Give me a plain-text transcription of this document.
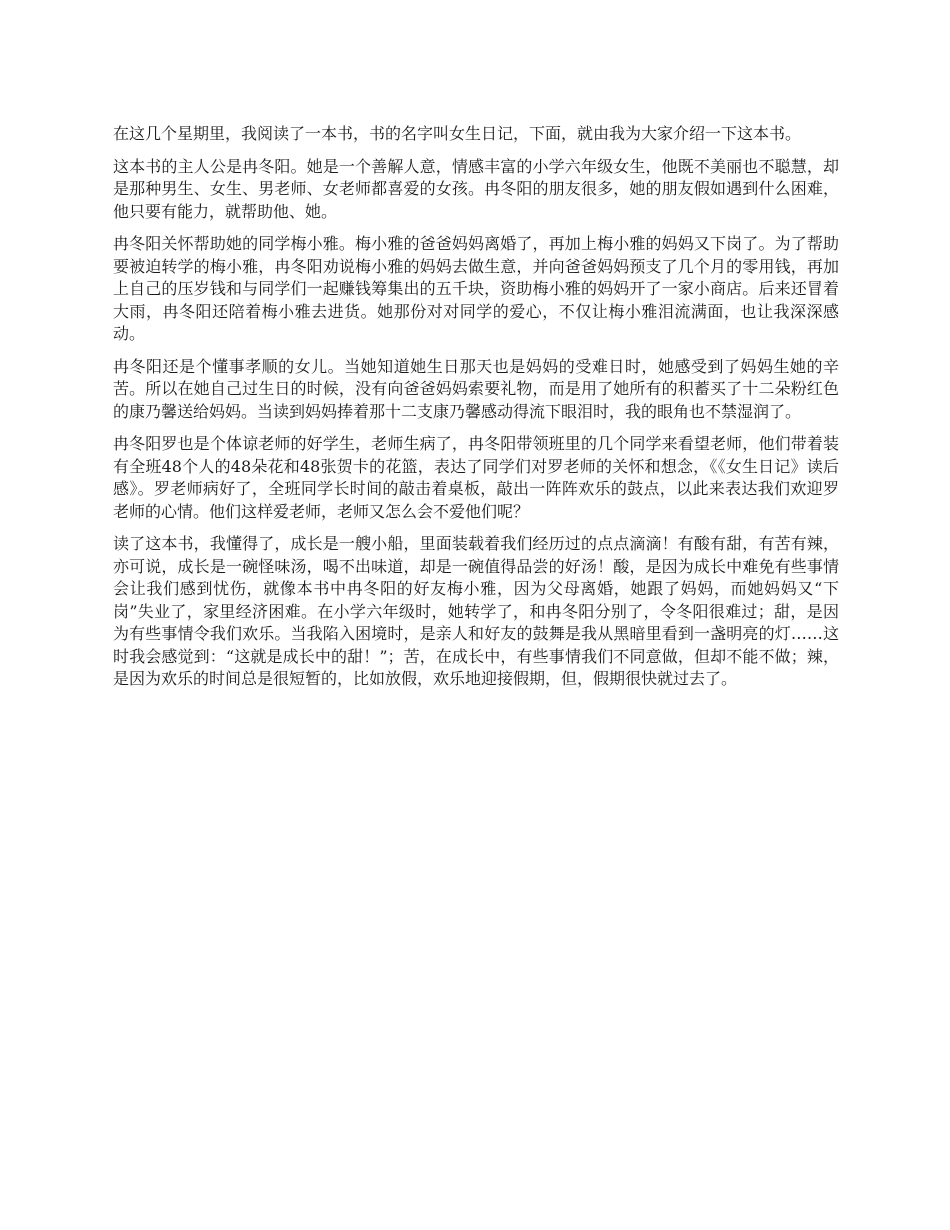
在这几个星期里，我阅读了一本书，书的名字叫女生日记，下面，就由我为大家介绍一下这本书。

这本书的主人公是冉冬阳。她是一个善解人意，情感丰富的小学六年级女生，他既不美丽也不聪慧，却是那种男生、女生、男老师、女老师都喜爱的女孩。冉冬阳的朋友很多，她的朋友假如遇到什么困难，他只要有能力，就帮助他、她。

冉冬阳关怀帮助她的同学梅小雅。梅小雅的爸爸妈妈离婚了，再加上梅小雅的妈妈又下岗了。为了帮助要被迫转学的梅小雅，冉冬阳劝说梅小雅的妈妈去做生意，并向爸爸妈妈预支了几个月的零用钱，再加上自己的压岁钱和与同学们一起赚钱筹集出的五千块，资助梅小雅的妈妈开了一家小商店。后来还冒着大雨，冉冬阳还陪着梅小雅去进货。她那份对对同学的爱心，不仅让梅小雅泪流满面，也让我深深感动。

冉冬阳还是个懂事孝顺的女儿。当她知道她生日那天也是妈妈的受难日时，她感受到了妈妈生她的辛苦。所以在她自己过生日的时候，没有向爸爸妈妈索要礼物，而是用了她所有的积蓄买了十二朵粉红色的康乃馨送给妈妈。当读到妈妈捧着那十二支康乃馨感动得流下眼泪时，我的眼角也不禁湿润了。

冉冬阳罗也是个体谅老师的好学生，老师生病了，冉冬阳带领班里的几个同学来看望老师，他们带着装有全班48个人的48朵花和48张贺卡的花篮，表达了同学们对罗老师的关怀和想念，《《女生日记》读后感》。罗老师病好了，全班同学长时间的敲击着桌板，敲出一阵阵欢乐的鼓点，以此来表达我们欢迎罗老师的心情。他们这样爱老师，老师又怎么会不爱他们呢？

读了这本书，我懂得了，成长是一艘小船，里面装载着我们经历过的点点滴滴！有酸有甜，有苦有辣，亦可说，成长是一碗怪味汤，喝不出味道，却是一碗值得品尝的好汤！酸，是因为成长中难免有些事情会让我们感到忧伤，就像本书中冉冬阳的好友梅小雅，因为父母离婚，她跟了妈妈，而她妈妈又“下岗”失业了，家里经济困难。在小学六年级时，她转学了，和冉冬阳分别了，令冬阳很难过；甜，是因为有些事情令我们欢乐。当我陷入困境时，是亲人和好友的鼓舞是我从黑暗里看到一盏明亮的灯……这时我会感觉到：“这就是成长中的甜！”；苦，在成长中，有些事情我们不同意做，但却不能不做；辣，是因为欢乐的时间总是很短暂的，比如放假，欢乐地迎接假期，但，假期很快就过去了。
